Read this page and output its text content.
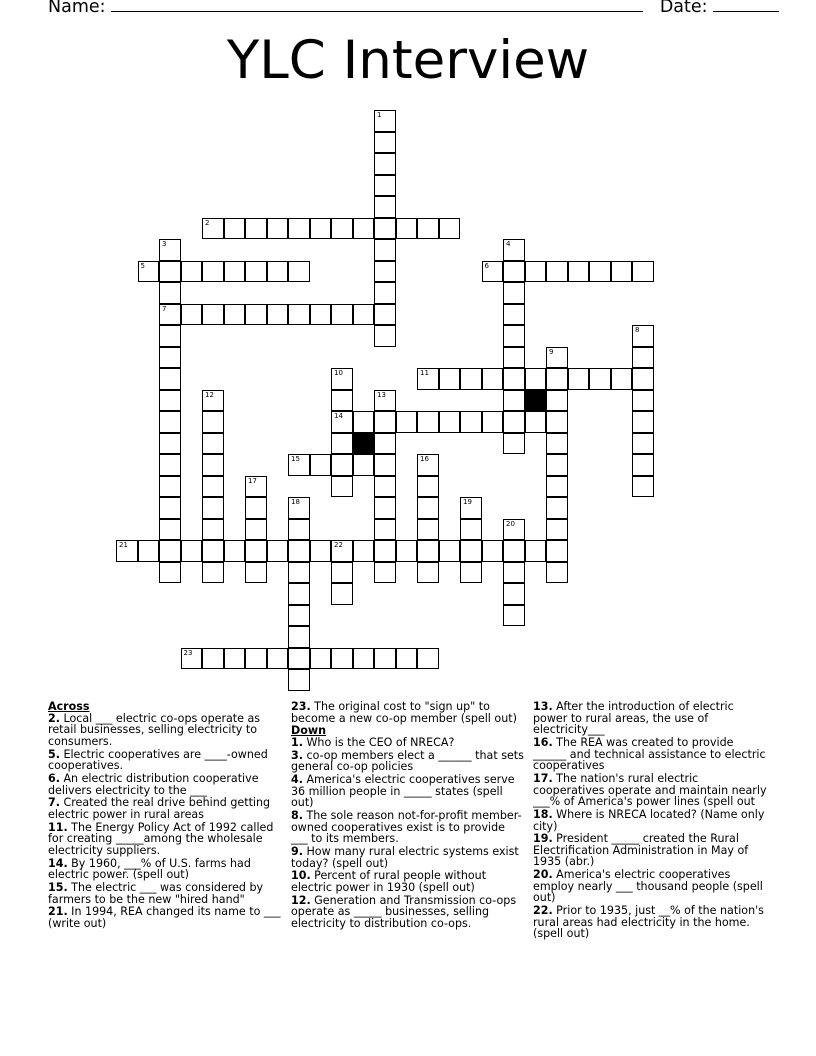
Name:	Date:
YLC Interview
2
5	6
7
11
14
15
21	22
23
1
3	4
8
9
10
12	13
16
17
18	19
20
Across
2. Local ___ electric co-ops operate as retail businesses, selling electricity to consumers.
5. Electric cooperatives are ____-owned cooperatives.
6. An electric distribution cooperative delivers electricity to the ___
7. Created the real drive behind getting electric power in rural areas
11. The Energy Policy Act of 1992 called for creating _____among the wholesale electricity suppliers.
14. By 1960, ___% of U.S. farms had electric power. (spell out)
15. The electric ___ was considered by farmers to be the new "hired hand"
21. In 1994, REA changed its name to ___ (write out)
23. The original cost to "sign up" to become a new co-op member (spell out)
Down
1. Who is the CEO of NRECA?
3. co-op members elect a ______ that sets general co-op policies
4. America's electric cooperatives serve 36 million people in _____ states (spell out)
8. The sole reason not-for-profit member-owned cooperatives exist is to provide ___ to its members.
9. How many rural electric systems exist today? (spell out)
10. Percent of rural people without electric power in 1930 (spell out)
12. Generation and Transmission co-ops operate as _____ businesses, selling electricity to distribution co-ops.
13. After the introduction of electric power to rural areas, the use of electricity___
16. The REA was created to provide ______ and technical assistance to electric cooperatives
17. The nation's rural electric cooperatives operate and maintain nearly ___% of America's power lines (spell out
18. Where is NRECA located? (Name only city)
19. President _____ created the Rural Electrification Administration in May of 1935 (abr.)
20. America's electric cooperatives employ nearly ___ thousand people (spell out)
22. Prior to 1935, just __% of the nation's rural areas had electricity in the home. (spell out)
